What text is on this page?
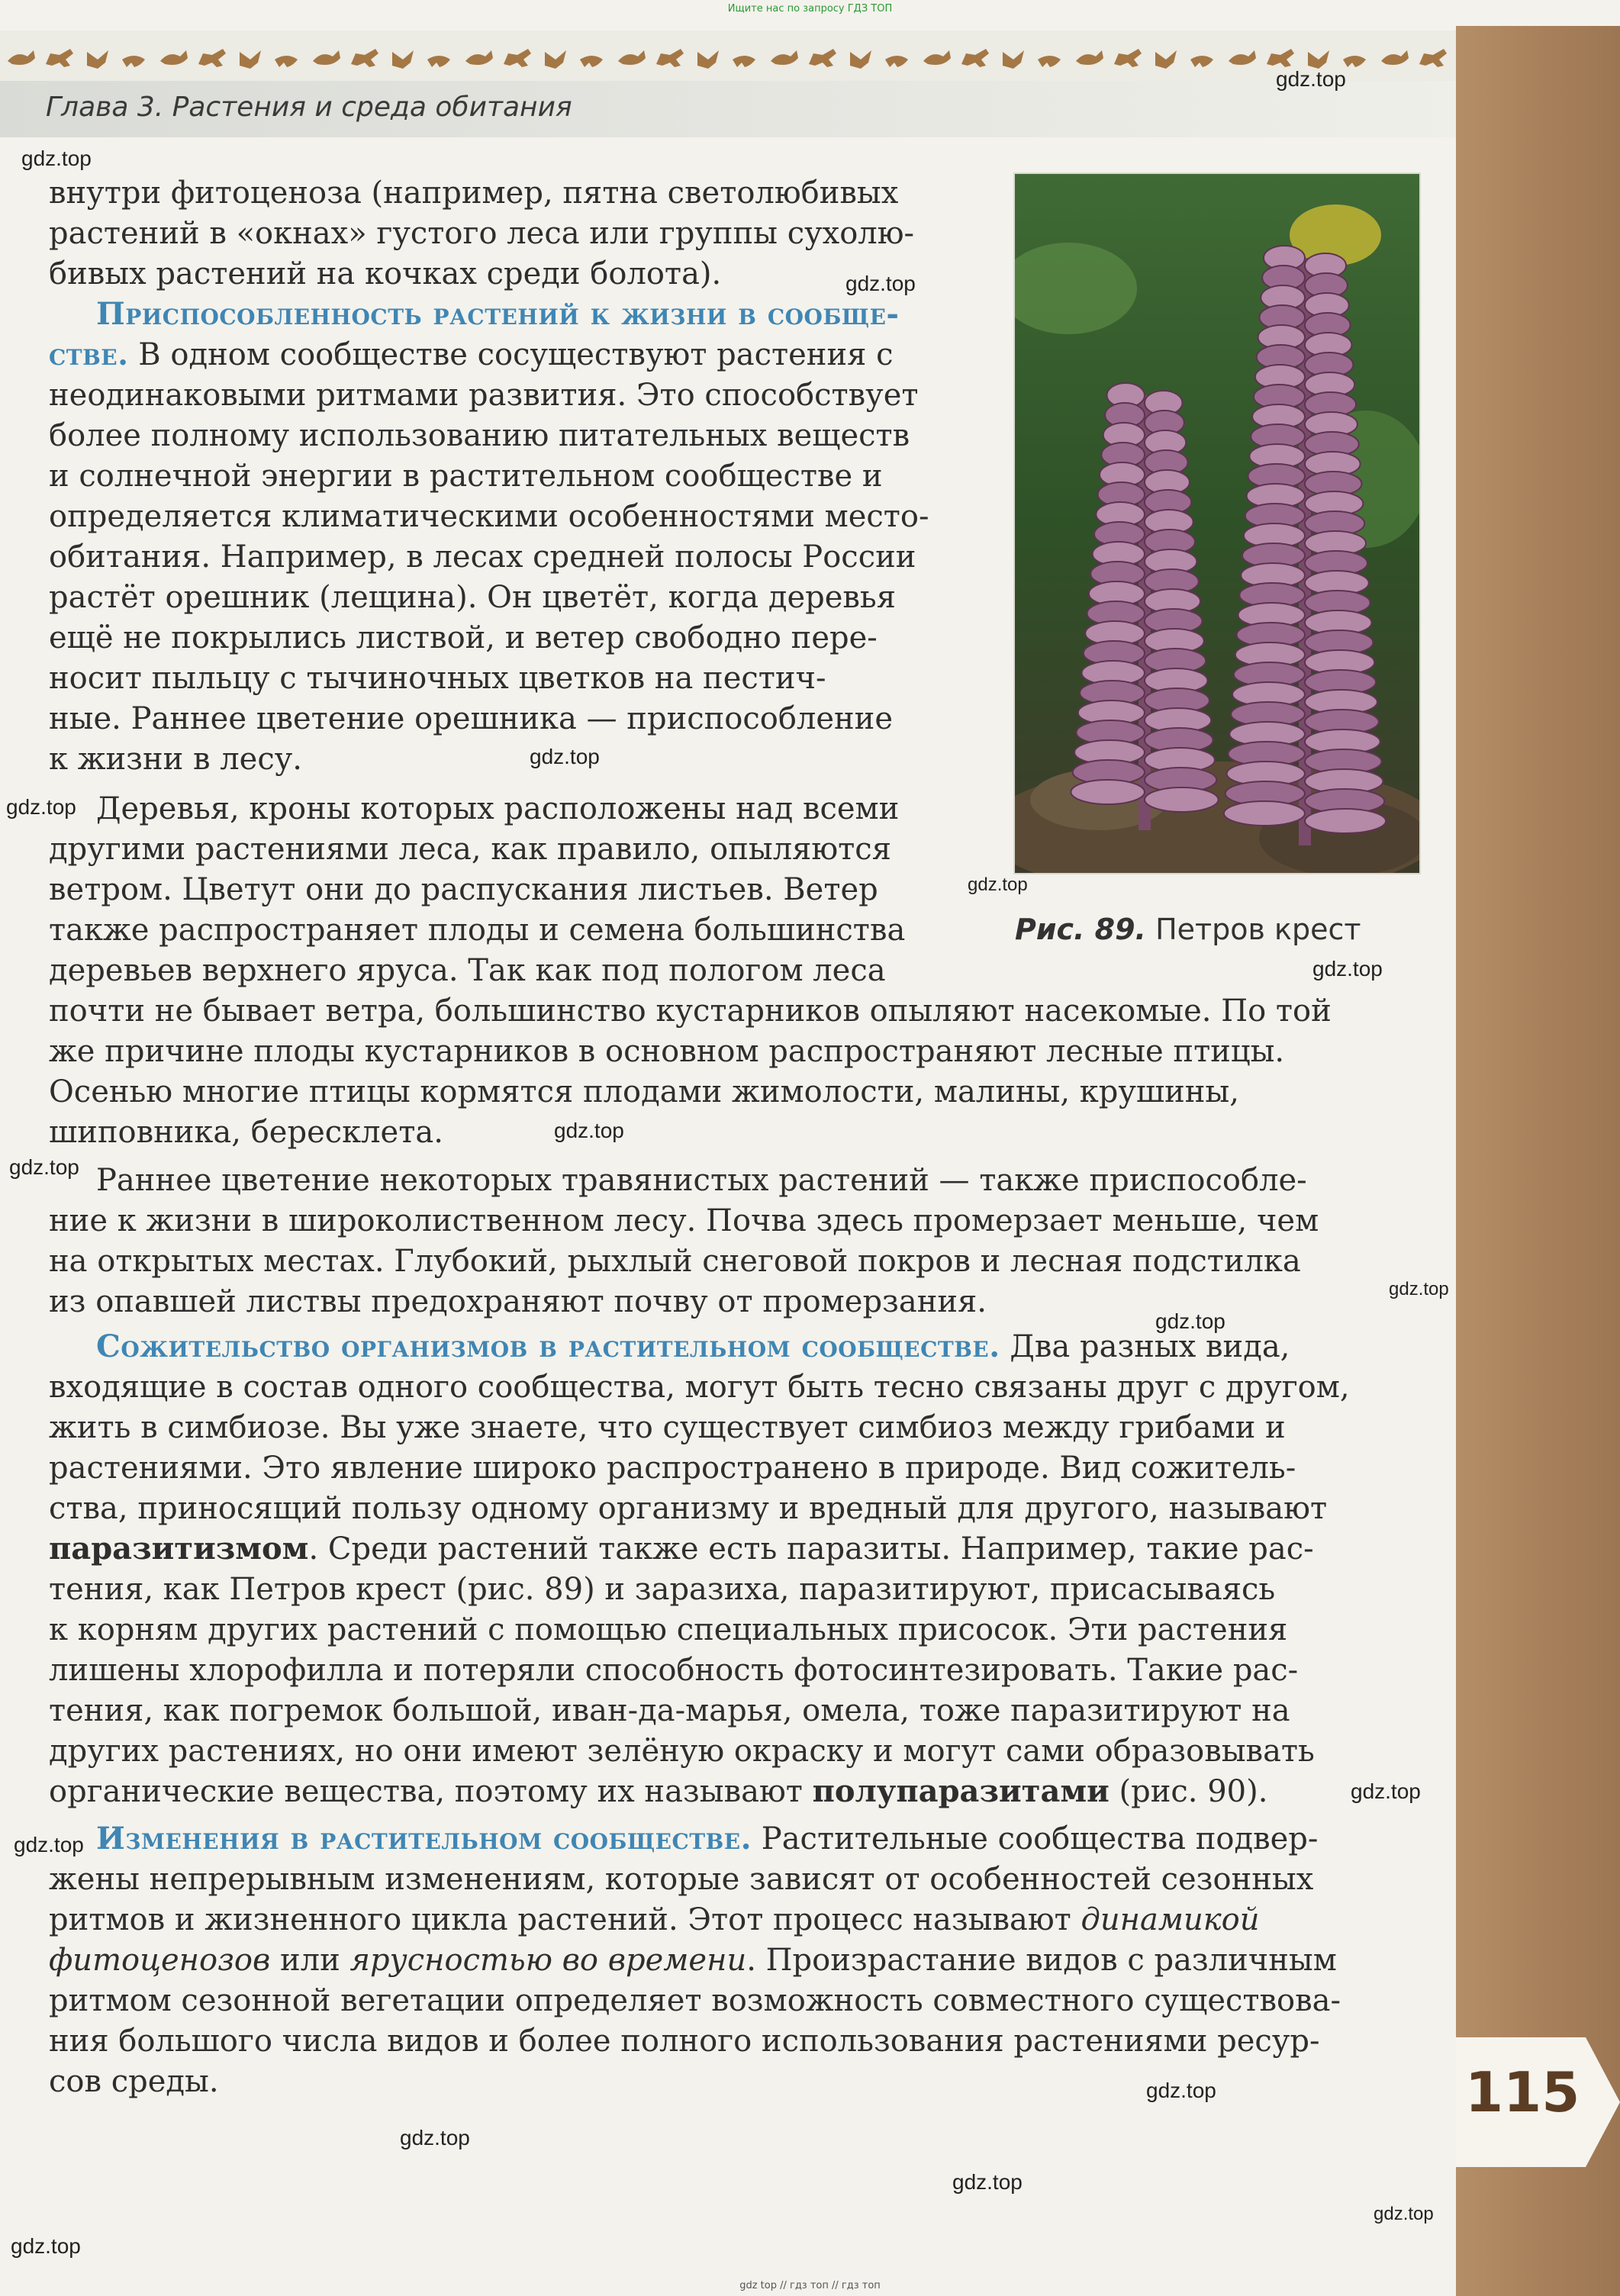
Ищите нас по запросу ГДЗ ТОП
Глава 3. Растения и среда обитания
115
Рис. 89. Петров крест
внутри фитоценоза (например, пятна светолюбивых
растений в «окнах» густого леса или группы сухолю-
бивых растений на кочках среди болота).
Приспособленность растений к жизни в сообще-
стве. В одном сообществе сосуществуют растения с
неодинаковыми ритмами развития. Это способствует
более полному использованию питательных веществ
и солнечной энергии в растительном сообществе и
определяется климатическими особенностями место-
обитания. Например, в лесах средней полосы России
растёт орешник (лещина). Он цветёт, когда деревья
ещё не покрылись листвой, и ветер свободно пере-
носит пыльцу с тычиночных цветков на пестич-
ные. Раннее цветение орешника — приспособление
к жизни в лесу.
Деревья, кроны которых расположены над всеми
другими растениями леса, как правило, опыляются
ветром. Цветут они до распускания листьев. Ветер
также распространяет плоды и семена большинства
деревьев верхнего яруса. Так как под пологом леса
почти не бывает ветра, большинство кустарников опыляют насекомые. По той
же причине плоды кустарников в основном распространяют лесные птицы.
Осенью многие птицы кормятся плодами жимолости, малины, крушины,
шиповника, бересклета.
Раннее цветение некоторых травянистых растений — также приспособле-
ние к жизни в широколиственном лесу. Почва здесь промерзает меньше, чем
на открытых местах. Глубокий, рыхлый снеговой покров и лесная подстилка
из опавшей листвы предохраняют почву от промерзания.
Сожительство организмов в растительном сообществе. Два разных вида,
входящие в состав одного сообщества, могут быть тесно связаны друг с другом,
жить в симбиозе. Вы уже знаете, что существует симбиоз между грибами и
растениями. Это явление широко распространено в природе. Вид сожитель-
ства, приносящий пользу одному организму и вредный для другого, называют
паразитизмом. Среди растений также есть паразиты. Например, такие рас-
тения, как Петров крест (рис. 89) и заразиха, паразитируют, присасываясь
к корням других растений с помощью специальных присосок. Эти растения
лишены хлорофилла и потеряли способность фотосинтезировать. Такие рас-
тения, как погремок большой, иван-да-марья, омела, тоже паразитируют на
других растениях, но они имеют зелёную окраску и могут сами образовывать
органические вещества, поэтому их называют полупаразитами (рис. 90).
Изменения в растительном сообществе. Растительные сообщества подвер-
жены непрерывным изменениям, которые зависят от особенностей сезонных
ритмов и жизненного цикла растений. Этот процесс называют динамикой
фитоценозов или ярусностью во времени. Произрастание видов с различным
ритмом сезонной вегетации определяет возможность совместного существова-
ния большого числа видов и более полного использования растениями ресур-
сов среды.
gdz.top
gdz.top
gdz.top
gdz.top
gdz.top
gdz.top
gdz.top
gdz.top
gdz.top
gdz.top
gdz.top
gdz.top
gdz.top
gdz.top
gdz.top
gdz.top
gdz.top
gdz.top
gdz top // гдз топ // гдз топ
